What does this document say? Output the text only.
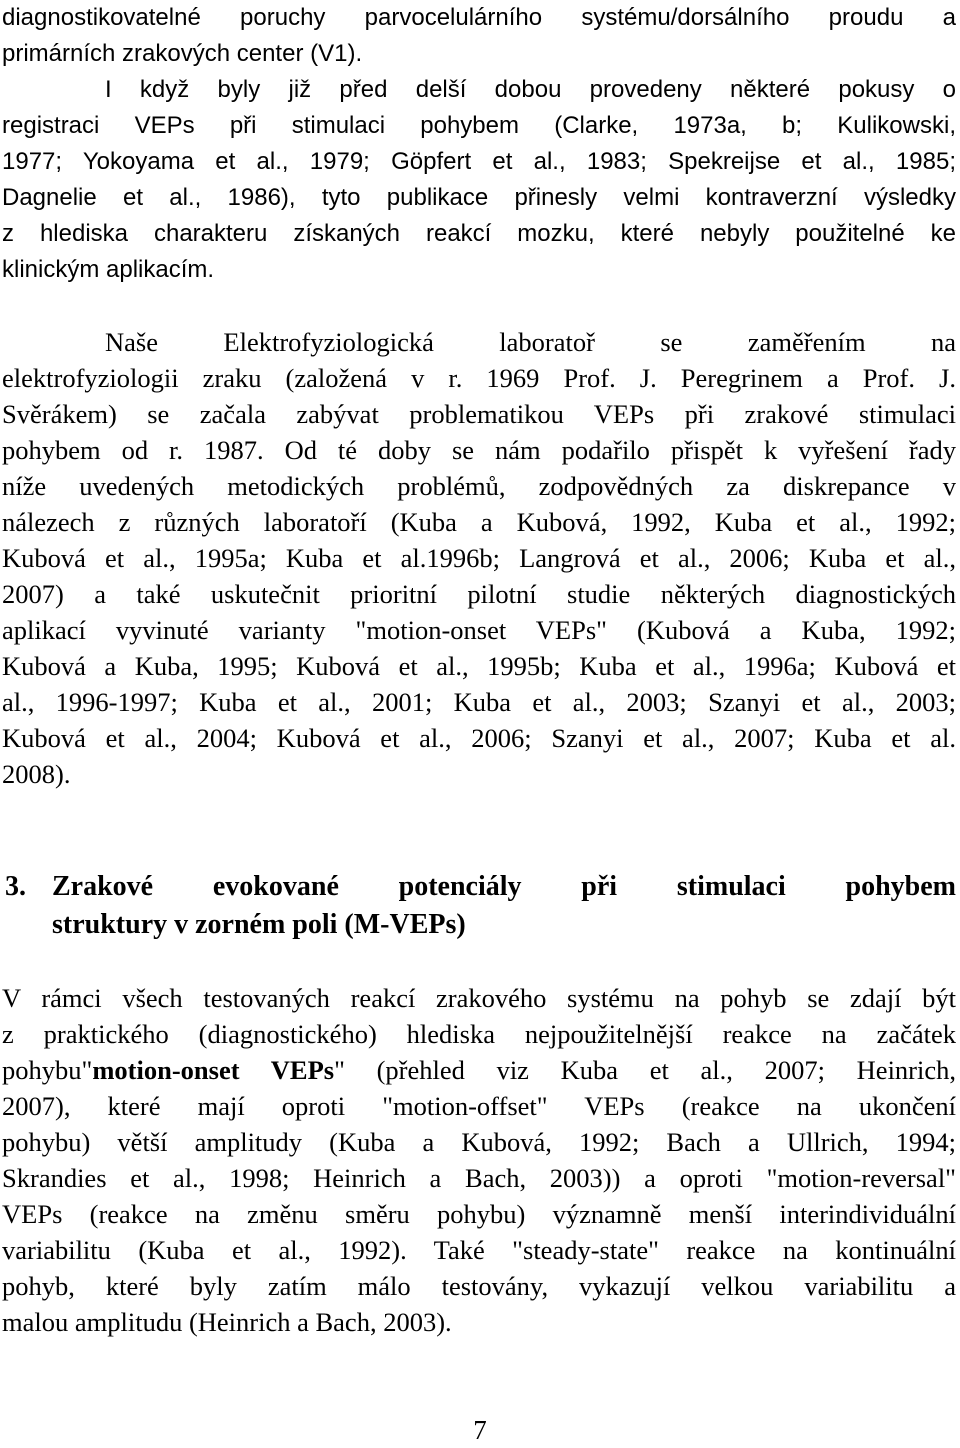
diagnostikovatelné poruchy parvocelulárního systému/dorsálního proudu a
primárních zrakových center (V1).
I když byly již před delší dobou provedeny některé pokusy o
registraci VEPs při stimulaci pohybem (Clarke, 1973a, b; Kulikowski,
1977; Yokoyama et al., 1979; Göpfert et al., 1983; Spekreijse et al., 1985;
Dagnelie et al., 1986), tyto publikace přinesly velmi kontraverzní výsledky
z hlediska charakteru získaných reakcí mozku, které nebyly použitelné ke
klinickým aplikacím.
Naše Elektrofyziologická laboratoř se zaměřením na
elektrofyziologii zraku (založená v r. 1969 Prof. J. Peregrinem a Prof. J.
Svěrákem) se začala zabývat problematikou VEPs při zrakové stimulaci
pohybem od r. 1987. Od té doby se nám podařilo přispět k vyřešení řady
níže uvedených metodických problémů, zodpovědných za diskrepance v
nálezech z různých laboratoří (Kuba a Kubová, 1992, Kuba et al., 1992;
Kubová et al., 1995a; Kuba et al.1996b; Langrová et al., 2006; Kuba et al.,
2007) a také uskutečnit prioritní pilotní studie některých diagnostických
aplikací vyvinuté varianty "motion-onset VEPs" (Kubová a Kuba, 1992;
Kubová a Kuba, 1995; Kubová et al., 1995b; Kuba et al., 1996a; Kubová et
al., 1996-1997; Kuba et al., 2001; Kuba et al., 2003; Szanyi et al., 2003;
Kubová et al., 2004; Kubová et al., 2006; Szanyi et al., 2007; Kuba et al.
2008).
3. Zrakové evokované potenciály při stimulaci pohybem
struktury v zorném poli (M-VEPs)
V rámci všech testovaných reakcí zrakového systému na pohyb se zdají být
z praktického (diagnostického) hlediska nejpoužitelnější reakce na začátek
pohybu"motion-onset VEPs" (přehled viz Kuba et al., 2007; Heinrich,
2007), které mají oproti "motion-offset" VEPs (reakce na ukončení
pohybu) větší amplitudy (Kuba a Kubová, 1992; Bach a Ullrich, 1994;
Skrandies et al., 1998; Heinrich a Bach, 2003)) a oproti "motion-reversal"
VEPs (reakce na změnu směru pohybu) významně menší interindividuální
variabilitu (Kuba et al., 1992). Také "steady-state" reakce na kontinuální
pohyb, které byly zatím málo testovány, vykazují velkou variabilitu a
malou amplitudu (Heinrich a Bach, 2003).
7
